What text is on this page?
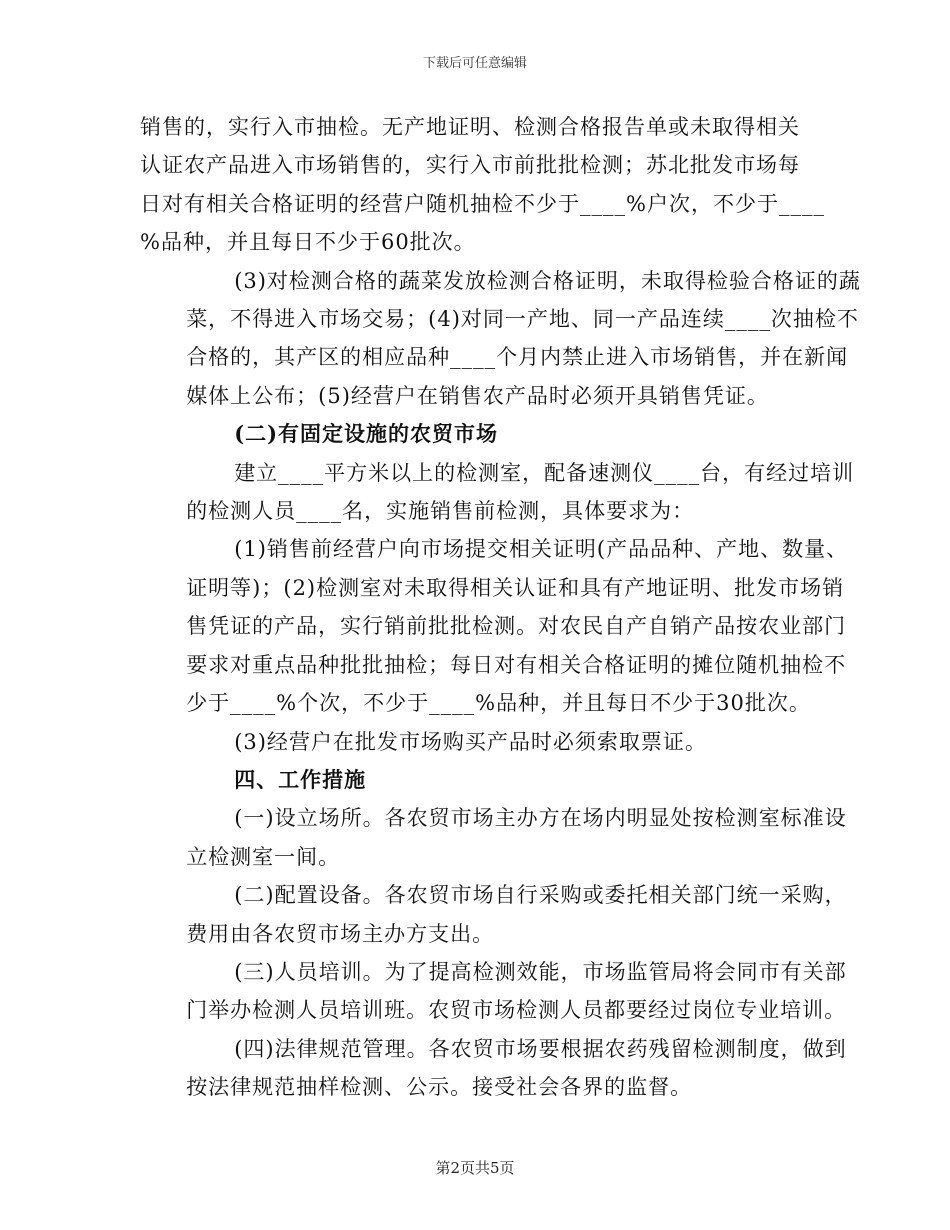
下载后可任意编辑

销售的，实行入市抽检。无产地证明、检测合格报告单或未取得相关
认证农产品进入市场销售的，实行入市前批批检测；苏北批发市场每
日对有相关合格证明的经营户随机抽检不少于____%户次，不少于____
%品种，并且每日不少于60批次。

(3)对检测合格的蔬菜发放检测合格证明，未取得检验合格证的蔬
菜，不得进入市场交易；(4)对同一产地、同一产品连续____次抽检不
合格的，其产区的相应品种____个月内禁止进入市场销售，并在新闻
媒体上公布；(5)经营户在销售农产品时必须开具销售凭证。

(二)有固定设施的农贸市场

建立____平方米以上的检测室，配备速测仪____台，有经过培训
的检测人员____名，实施销售前检测，具体要求为：

(1)销售前经营户向市场提交相关证明(产品品种、产地、数量、
证明等)；(2)检测室对未取得相关认证和具有产地证明、批发市场销
售凭证的产品，实行销前批批检测。对农民自产自销产品按农业部门
要求对重点品种批批抽检；每日对有相关合格证明的摊位随机抽检不
少于____%个次，不少于____%品种，并且每日不少于30批次。

(3)经营户在批发市场购买产品时必须索取票证。

四、工作措施

(一)设立场所。各农贸市场主办方在场内明显处按检测室标准设
立检测室一间。

(二)配置设备。各农贸市场自行采购或委托相关部门统一采购，
费用由各农贸市场主办方支出。

(三)人员培训。为了提高检测效能，市场监管局将会同市有关部
门举办检测人员培训班。农贸市场检测人员都要经过岗位专业培训。

(四)法律规范管理。各农贸市场要根据农药残留检测制度，做到
按法律规范抽样检测、公示。接受社会各界的监督。

第2页共5页
